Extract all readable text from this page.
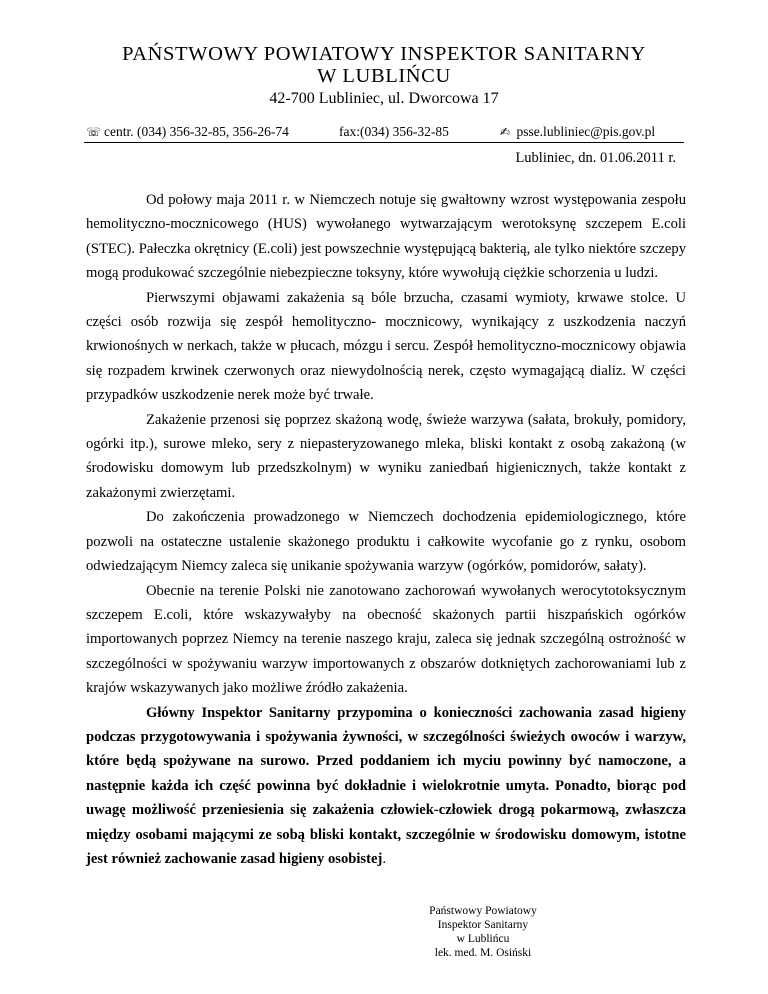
PAŃSTWOWY POWIATOWY INSPEKTOR SANITARNY
W LUBLIŃCU
42-700 Lubliniec, ul. Dworcowa 17
☏ centr. (034) 356-32-85, 356-26-74	fax:(034) 356-32-85	✍ psse.lubliniec@pis.gov.pl
Lubliniec, dn. 01.06.2011 r.

Od połowy maja 2011 r. w Niemczech notuje się gwałtowny wzrost występowania zespołu hemolityczno-mocznicowego (HUS) wywołanego wytwarzającym werotoksynę szczepem E.coli (STEC). Pałeczka okrętnicy (E.coli) jest powszechnie występującą bakterią, ale tylko niektóre szczepy mogą produkować szczególnie niebezpieczne toksyny, które wywołują ciężkie schorzenia u ludzi.

Pierwszymi objawami zakażenia są bóle brzucha, czasami wymioty, krwawe stolce. U części osób rozwija się zespół hemolityczno- mocznicowy, wynikający z uszkodzenia naczyń krwionośnych w nerkach, także w płucach, mózgu i sercu. Zespół hemolityczno-mocznicowy objawia się rozpadem krwinek czerwonych oraz niewydolnością nerek, często wymagającą dializ. W części przypadków uszkodzenie nerek może być trwałe.

Zakażenie przenosi się poprzez skażoną wodę, świeże warzywa (sałata, brokuły, pomidory, ogórki itp.), surowe mleko, sery z niepasteryzowanego mleka, bliski kontakt z osobą zakażoną (w środowisku domowym lub przedszkolnym) w wyniku zaniedbań higienicznych, także kontakt z zakażonymi zwierzętami.

Do zakończenia prowadzonego w Niemczech dochodzenia epidemiologicznego, które pozwoli na ostateczne ustalenie skażonego produktu i całkowite wycofanie go z rynku, osobom odwiedzającym Niemcy zaleca się unikanie spożywania warzyw (ogórków, pomidorów, sałaty).

Obecnie na terenie Polski nie zanotowano zachorowań wywołanych werocytotoksycznym szczepem E.coli, które wskazywałyby na obecność skażonych partii hiszpańskich ogórków importowanych poprzez Niemcy na terenie naszego kraju, zaleca się jednak szczególną ostrożność w szczególności w spożywaniu warzyw importowanych z obszarów dotkniętych zachorowaniami lub z krajów wskazywanych jako możliwe źródło zakażenia.

Główny Inspektor Sanitarny przypomina o konieczności zachowania zasad higieny podczas przygotowywania i spożywania żywności, w szczególności świeżych owoców i warzyw, które będą spożywane na surowo. Przed poddaniem ich myciu powinny być namoczone, a następnie każda ich część powinna być dokładnie i wielokrotnie umyta. Ponadto, biorąc pod uwagę możliwość przeniesienia się zakażenia człowiek-człowiek drogą pokarmową, zwłaszcza między osobami mającymi ze sobą bliski kontakt, szczególnie w środowisku domowym, istotne jest również zachowanie zasad higieny osobistej.

Państwowy Powiatowy
Inspektor Sanitarny
w Lublińcu
lek. med. M. Osiński
